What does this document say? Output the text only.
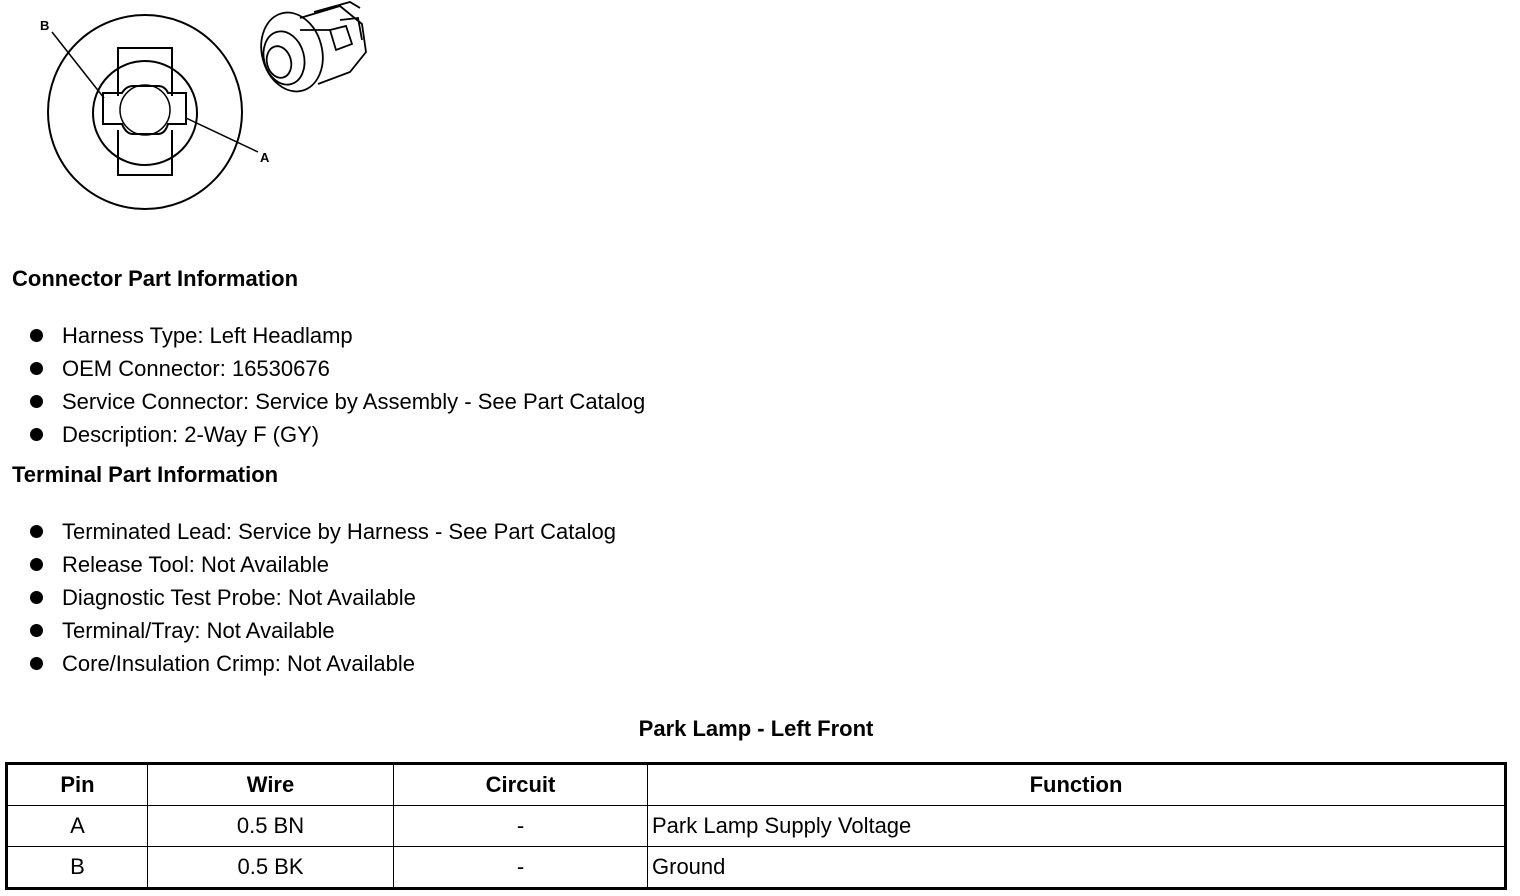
B
A
Connector Part Information
Harness Type: Left Headlamp
OEM Connector: 16530676
Service Connector: Service by Assembly - See Part Catalog
Description: 2-Way F (GY)
Terminal Part Information
Terminated Lead: Service by Harness - See Part Catalog
Release Tool: Not Available
Diagnostic Test Probe: Not Available
Terminal/Tray: Not Available
Core/Insulation Crimp: Not Available
Park Lamp - Left Front
Pin	Wire	Circuit	Function
A	0.5 BN	-	Park Lamp Supply Voltage
B	0.5 BK	-	Ground
